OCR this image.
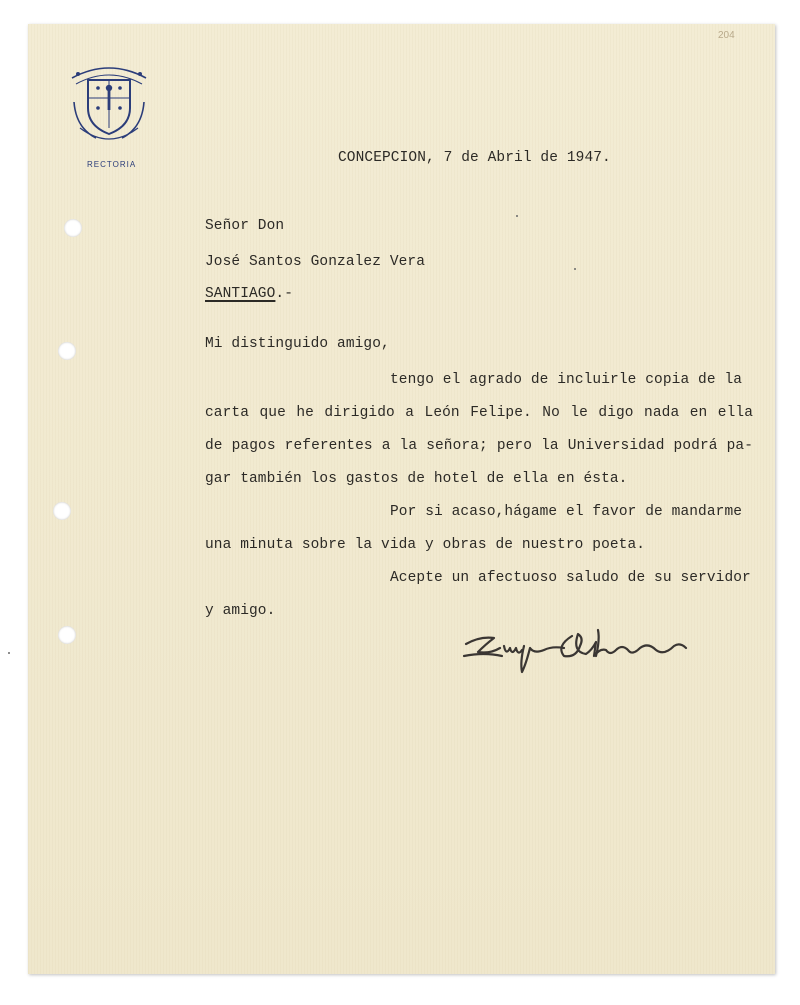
204
RECTORIA	CONCEPCION, 7 de Abril de 1947.
Señor Don
José Santos Gonzalez Vera
SANTIAGO.-
Mi distinguido amigo,
tengo el agrado de incluirle copia de la
carta que he dirigido a León Felipe. No le digo nada en ella
de pagos referentes a la señora; pero la Universidad podrá pa-
gar también los gastos de hotel de ella en ésta.
Por si acaso,hágame el favor de mandarme
una minuta sobre la vida y obras de nuestro poeta.
Acepte un afectuoso saludo de su servidor
y amigo.
